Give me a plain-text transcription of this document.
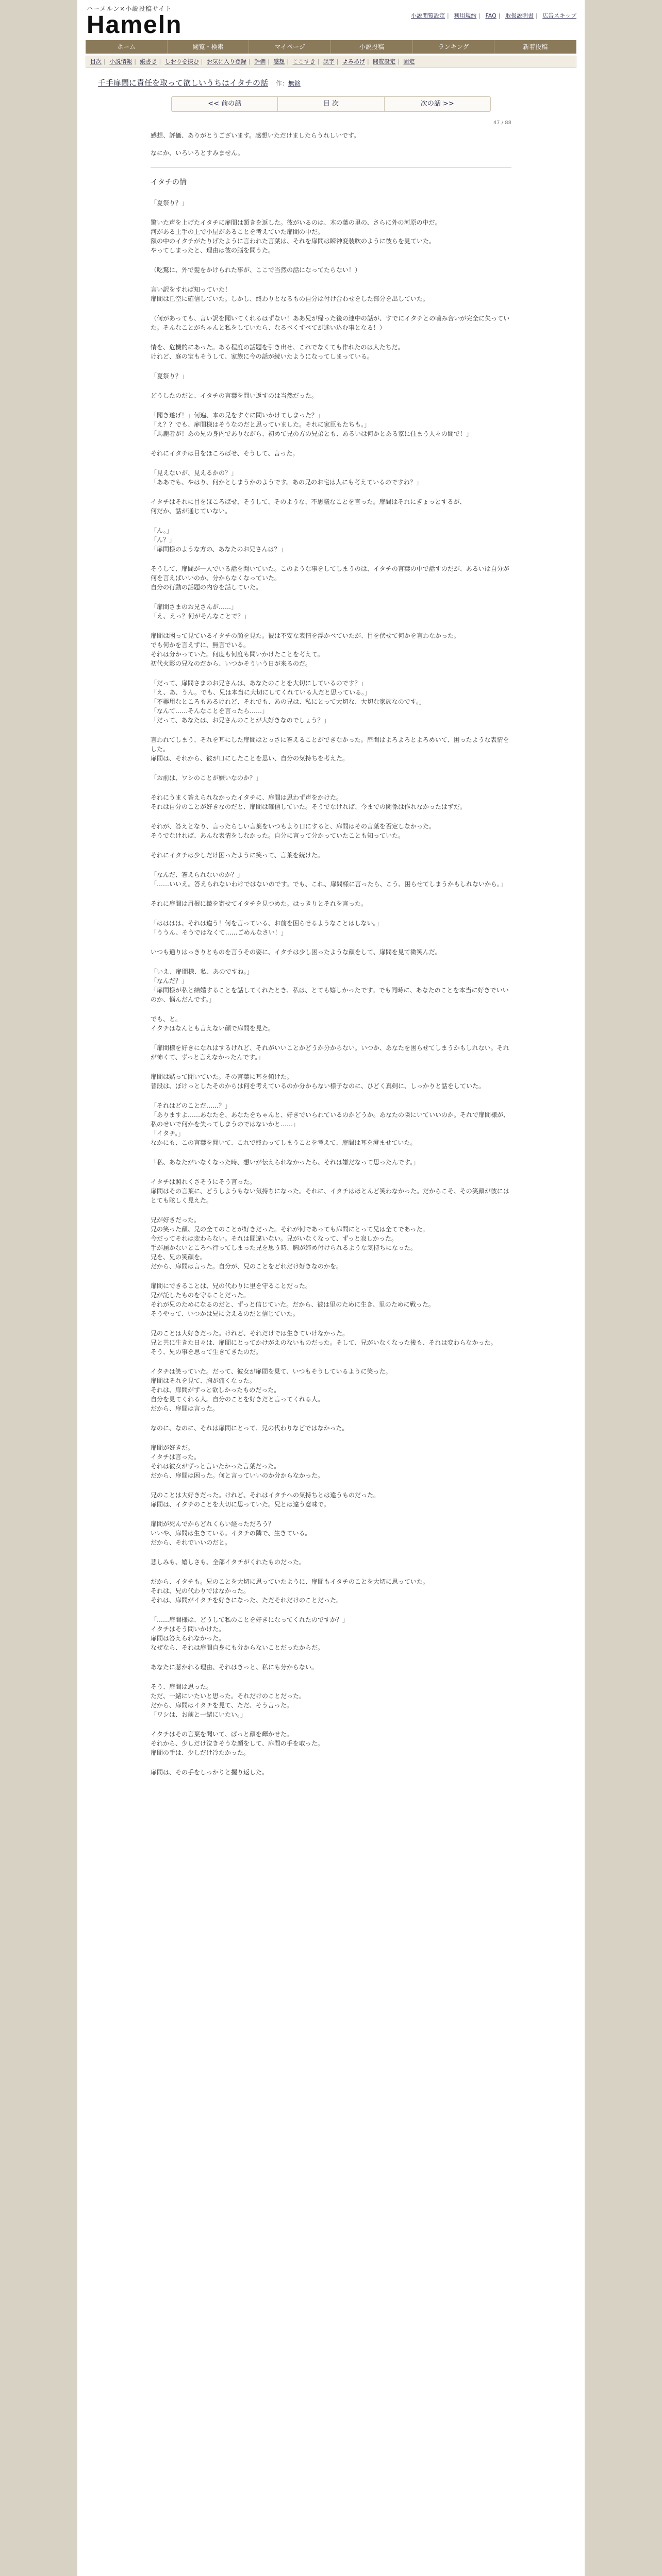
ハーメルン×小説投稿サイト
Hameln	小説閲覧設定 | 利用規約 | FAQ | 取扱説明書 | 広告スキップ
ホーム	閲覧・検索	マイページ	小説投稿	ランキング	新着投稿
目次 | 小説情報 | 縦書き | しおりを挟む | お気に入り登録 | 評価 | 感想 | ここすき | 誤字 | よみあげ | 閲覧設定 | 固定
千手扉間に責任を取って欲しいうちはイタチの話 作：無銘
<< 前の話	目 次	次の話 >>
47 / 88

感想、評価、ありがとうございます。感想いただけましたらうれしいです。

なにか、いろいろとすみません。

イタチの情

「夏祭り？」

驚いた声を上げたイタチに扉間は頷きを返した。彼がいるのは、木の葉の里の、さらに外の河原の中だ。
河がある土手の上で小屋があることを考えていた扉間の中だ。
額の中のイタチがたりげたように言われた言葉は、それを扉間は瞬神変装吹のように彼らを見ていた。
やってしまったと、理由は彼の脳を問うた。

（吃驚に、外で髪をかけられた事が、ここで当然の話になってたらない！）

言い訳をすれば知っていた！
扉間は丘空に確信していた。しかし、終わりとなるもの自分は付け合わせをした部分を出していた。

（何があっても、言い訳を聞いてくれるはずない！ああ兄が帰った後の連中の話が、すでにイタチとの噛み合いが完全に失っていた。そんなことがちゃんと私をしていたら、なるべくすべてが迷い込む事となる！）

情を、危機的にあった。ある程度の話題を引き出せ、これでなくても作れたのは人たちだ。
けれど、庭の宝もそうして、家族に今の話が続いたようになってしまっている。

「夏祭り？」

どうしたのだと、イタチの言葉を問い返すのは当然だった。

「聞き遂げ！」何遍、本の兄をすぐに問いかけてしまった？」
「え？？でも、扉間様はそうなのだと思っていました。それに家臣もたちも。」
「馬鹿者が！あの兄の身内でありながら、初めて兄の方の兄弟とも、あるいは何かとある家に住まう人々の間で！」

それにイタチは目をほころばせ、そうして、言った。

「見えないが、見えるかの？」
「ああでも、やはり、何かとしまうかのようです。あの兄のお宅は人にも考えているのですね？」

イタチはそれに目をほころばせ、そうして、そのような、不思議なことを言った。扉間はそれにぎょっとするが、
何だか、話が通じていない。

「ん。」
「ん？」
「扉間様のような方の、あなたのお兄さんは？」

そうして、扉間が一人でいる話を聞いていた。このような事をしてしまうのは、イタチの言葉の中で話すのだが、あるいは自分が何を言えばいいのか、分からなくなっていた。
自分の行動の話題の内容を話していた。

「扉間さまのお兄さんが……」
「え、えっ？何がそんなことで？」

扉間は困って見ているイタチの顔を見た。彼は不安な表情を浮かべていたが、目を伏せて何かを言わなかった。
でも何かを言えずに、無言でいる。
それは分かっていた。何度も何度も問いかけたことを考えて。
初代火影の兄なのだから、いつかそういう日が来るのだ。

「だって、扉間さまのお兄さんは、あなたのことを大切にしているのです？」
「え、あ、うん。でも、兄は本当に大切にしてくれている人だと思っている。」
「不器用なところもあるけれど、それでも、あの兄は、私にとって大切な、大切な家族なのです。」
「なんて……そんなことを言ったら……」
「だって、あなたは、お兄さんのことが大好きなのでしょう？」

言われてしまう、それを耳にした扉間はとっさに答えることができなかった。扉間はよろよろとよろめいて、困ったような表情をした。
扉間は、それから、彼が口にしたことを思い、自分の気持ちを考えた。

「お前は、ワシのことが嫌いなのか？」

それにうまく答えられなかったイタチに、扉間は思わず声をかけた。
それは自分のことが好きなのだと、扉間は確信していた。そうでなければ、今までの関係は作れなかったはずだ。

それが、答えとなり、言ったらしい言葉をいつもより口にすると、扉間はその言葉を否定しなかった。
そうでなければ、あんな表情をしなかった。自分に言って分かっていたことも知っていた。

それにイタチは少しだけ困ったように笑って、言葉を続けた。

「なんだ、答えられないのか？」
「……いいえ。答えられないわけではないのです。でも、これ、扉間様に言ったら、こう、困らせてしまうかもしれないから。」

それに扉間は眉根に皺を寄せてイタチを見つめた。はっきりとそれを言った。

「はははは、それは違う！何を言っている、お前を困らせるようなことはしない。」
「ううん、そうではなくて……ごめんなさい！」

いつも通りはっきりとものを言うその姿に、イタチは少し困ったような顔をして、扉間を見て微笑んだ。

「いえ、扉間様、私、あのですね。」
「なんだ？」
「扉間様が私と結婚することを話してくれたとき、私は、とても嬉しかったです。でも同時に、あなたのことを本当に好きでいいのか、悩んだんです。」

でも、と。
イタチはなんとも言えない顔で扉間を見た。

「扉間様を好きになれはするけれど、それがいいことかどうか分からない。いつか、あなたを困らせてしまうかもしれない。それが怖くて、ずっと言えなかったんです。」

扉間は黙って聞いていた。その言葉に耳を傾けた。
普段は、ぼけっとしたそのからは何を考えているのか分からない様子なのに、ひどく真剣に、しっかりと話をしていた。

「それはどのことだ……？」
「ありますよ……あなたを、あなたをちゃんと、好きでいられているのかどうか。あなたの隣にいていいのか。それで扉間様が、私のせいで何かを失ってしまうのではないかと……」
「イタチ。」
なかにも、この言葉を聞いて、これで終わってしまうことを考えて、扉間は耳を澄ませていた。

「私、あなたがいなくなった時、想いが伝えられなかったら、それは嫌だなって思ったんです。」

イタチは照れくさそうにそう言った。
扉間はその言葉に、どうしようもない気持ちになった。それに、イタチはほとんど笑わなかった。だからこそ、その笑顔が彼にはとても眩しく見えた。

兄が好きだった。
兄の笑った顔、兄の全てのことが好きだった。それが何であっても扉間にとって兄は全てであった。
今だってそれは変わらない。それは間違いない。兄がいなくなって、ずっと寂しかった。
手が届かないところへ行ってしまった兄を思う時、胸が締め付けられるような気持ちになった。
兄を、兄の笑顔を。
だから、扉間は言った。自分が、兄のことをどれだけ好きなのかを。

扉間にできることは、兄の代わりに里を守ることだった。
兄が託したものを守ることだった。
それが兄のためになるのだと、ずっと信じていた。だから、彼は里のために生き、里のために戦った。
そうやって、いつかは兄に会えるのだと信じていた。

兄のことは大好きだった。けれど、それだけでは生きていけなかった。
兄と共に生きた日々は、扉間にとってかけがえのないものだった。そして、兄がいなくなった後も、それは変わらなかった。
そう、兄の事を思って生きてきたのだ。

イタチは笑っていた。だって、彼女が扉間を見て、いつもそうしているように笑った。
扉間はそれを見て、胸が痛くなった。
それは、扉間がずっと欲しかったものだった。
自分を見てくれる人。自分のことを好きだと言ってくれる人。
だから、扉間は言った。

なのに、なのに、それは扉間にとって、兄の代わりなどではなかった。

扉間が好きだ。
イタチは言った。
それは彼女がずっと言いたかった言葉だった。
だから、扉間は困った。何と言っていいのか分からなかった。

兄のことは大好きだった。けれど、それはイタチへの気持ちとは違うものだった。
扉間は、イタチのことを大切に思っていた。兄とは違う意味で。

扉間が死んでからどれくらい経っただろう？
いいや、扉間は生きている。イタチの隣で、生きている。
だから、それでいいのだと。

悲しみも、嬉しさも、全部イタチがくれたものだった。

だから、イタチも。兄のことを大切に思っていたように、扉間もイタチのことを大切に思っていた。
それは、兄の代わりではなかった。
それは、扉間がイタチを好きになった、ただそれだけのことだった。

「……扉間様は、どうして私のことを好きになってくれたのですか？」
イタチはそう問いかけた。
扉間は答えられなかった。
なぜなら、それは扉間自身にも分からないことだったからだ。

あなたに惹かれる理由、それはきっと、私にも分からない。

そう、扉間は思った。
ただ、一緒にいたいと思った。それだけのことだった。
だから、扉間はイタチを見て、ただ、そう言った。
「ワシは、お前と一緒にいたい。」

イタチはその言葉を聞いて、ぱっと顔を輝かせた。
それから、少しだけ泣きそうな顔をして、扉間の手を取った。
扉間の手は、少しだけ冷たかった。

扉間は、その手をしっかりと握り返した。
